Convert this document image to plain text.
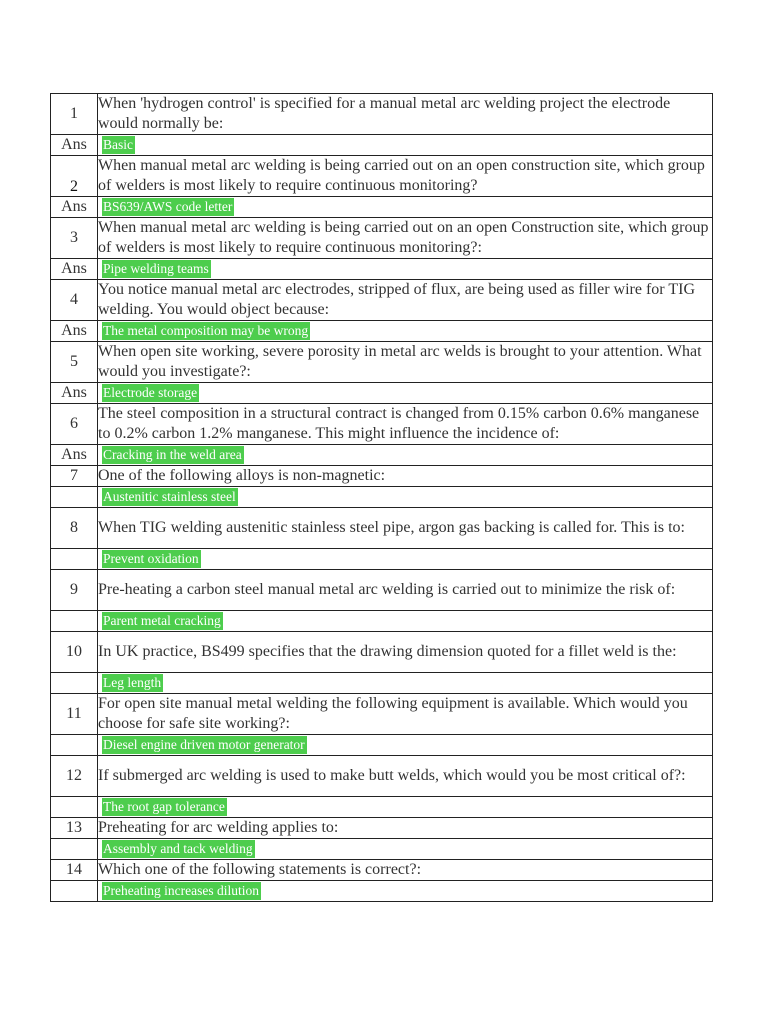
1	When 'hydrogen control' is specified for a manual metal arc welding project the electrode would normally be:
Ans	Basic
2	When manual metal arc welding is being carried out on an open construction site, which group of welders is most likely to require continuous monitoring?
Ans	BS639/AWS code letter
3	When manual metal arc welding is being carried out on an open Construction site, which group of welders is most likely to require continuous monitoring?:
Ans	Pipe welding teams
4	You notice manual metal arc electrodes, stripped of flux, are being used as filler wire for TIG welding. You would object because:
Ans	The metal composition may be wrong
5	When open site working, severe porosity in metal arc welds is brought to your attention. What would you investigate?:
Ans	Electrode storage
6	The steel composition in a structural contract is changed from 0.15% carbon 0.6% manganese to 0.2% carbon 1.2% manganese. This might influence the incidence of:
Ans	Cracking in the weld area
7	One of the following alloys is non-magnetic:
	Austenitic stainless steel
8	When TIG welding austenitic stainless steel pipe, argon gas backing is called for. This is to:
	Prevent oxidation
9	Pre-heating a carbon steel manual metal arc welding is carried out to minimize the risk of:
	Parent metal cracking
10	In UK practice, BS499 specifies that the drawing dimension quoted for a fillet weld is the:
	Leg length
11	For open site manual metal welding the following equipment is available. Which would you choose for safe site working?:
	Diesel engine driven motor generator
12	If submerged arc welding is used to make butt welds, which would you be most critical of?:
	The root gap tolerance
13	Preheating for arc welding applies to:
	Assembly and tack welding
14	Which one of the following statements is correct?:
	Preheating increases dilution
